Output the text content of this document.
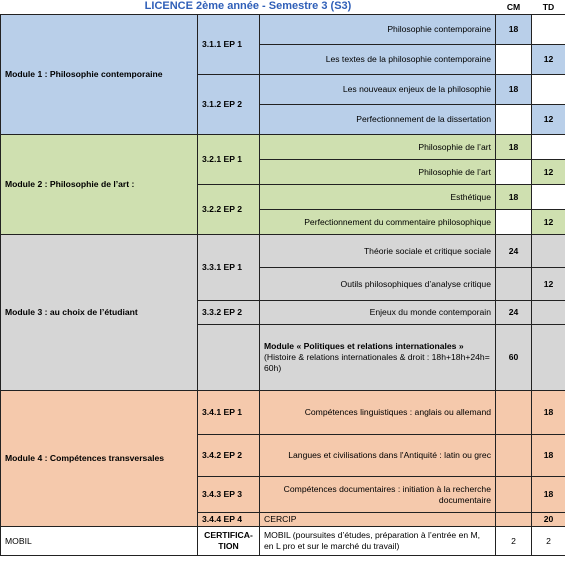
LICENCE 2ème année - Semestre 3 (S3)			CM	TD
Module 1 : Philosophie contemporaine	3.1.1 EP 1	Philosophie contemporaine	18	
		Les textes de la philosophie contemporaine		12
	3.1.2 EP 2	Les nouveaux enjeux de la philosophie	18	
		Perfectionnement de la dissertation		12
Module 2 : Philosophie de l’art :	3.2.1 EP 1	Philosophie de l’art	18	
		Philosophie de l’art		12
	3.2.2 EP 2	Esthétique	18	
		Perfectionnement du commentaire philosophique		12
Module 3 : au choix de l’étudiant	3.3.1 EP 1	Théorie sociale et critique sociale	24	
		Outils philosophiques d’analyse critique		12
	3.3.2 EP 2	Enjeux du monde contemporain	24	
		Module « Politiques et relations internationales »
(Histoire & relations internationales & droit : 18h+18h+24h= 60h)	60	
Module 4 : Compétences transversales	3.4.1 EP 1	Compétences linguistiques : anglais ou allemand		18
	3.4.2 EP 2	Langues et civilisations dans l'Antiquité : latin ou grec		18
	3.4.3 EP 3	Compétences documentaires : initiation à la recherche documentaire		18
	3.4.4 EP 4	CERCIP		20
MOBIL	CERTIFICA-TION	MOBIL (poursuites d’études, préparation à l’entrée en M, en L pro et sur le marché du travail)	2	2
